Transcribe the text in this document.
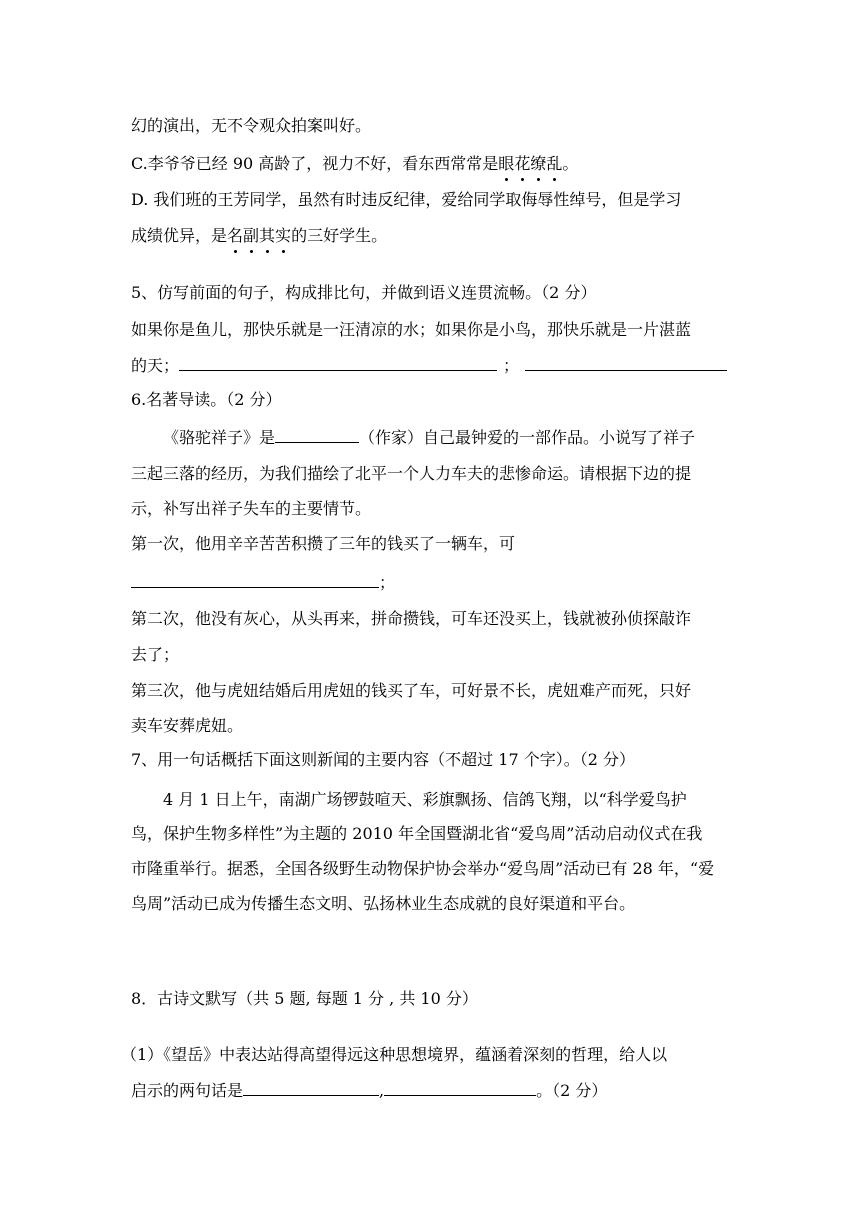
幻的演出，无不令观众拍案叫好。
C.李爷爷已经 90 高龄了，视力不好，看东西常常是眼花缭乱。
D. 我们班的王芳同学，虽然有时违反纪律，爱给同学取侮辱性绰号，但是学习
成绩优异，是名副其实的三好学生。
5、仿写前面的句子，构成排比句，并做到语义连贯流畅。（2 分）
如果你是鱼儿，那快乐就是一汪清凉的水；如果你是小鸟，那快乐就是一片湛蓝
的天；	；
6.名著导读。（2 分）
《骆驼祥子》是	（作家）自己最钟爱的一部作品。小说写了祥子
三起三落的经历，为我们描绘了北平一个人力车夫的悲惨命运。请根据下边的提
示，补写出祥子失车的主要情节。
第一次，他用辛辛苦苦积攒了三年的钱买了一辆车，可
；
第二次，他没有灰心，从头再来，拼命攒钱，可车还没买上，钱就被孙侦探敲诈
去了；
第三次，他与虎妞结婚后用虎妞的钱买了车，可好景不长，虎妞难产而死，只好
卖车安葬虎妞。
7、用一句话概括下面这则新闻的主要内容（不超过 17 个字）。（2 分）
4 月 1 日上午，南湖广场锣鼓喧天、彩旗飘扬、信鸽飞翔，以“科学爱鸟护
鸟，保护生物多样性”为主题的 2010 年全国暨湖北省“爱鸟周”活动启动仪式在我
市隆重举行。据悉，全国各级野生动物保护协会举办“爱鸟周”活动已有 28 年，“爱
鸟周”活动已成为传播生态文明、弘扬林业生态成就的良好渠道和平台。
8．古诗文默写（共 5 题, 每题 1 分 , 共 10 分）
（1）《望岳》中表达站得高望得远这种思想境界，蕴涵着深刻的哲理，给人以
启示的两句话是	,	。（2 分）
